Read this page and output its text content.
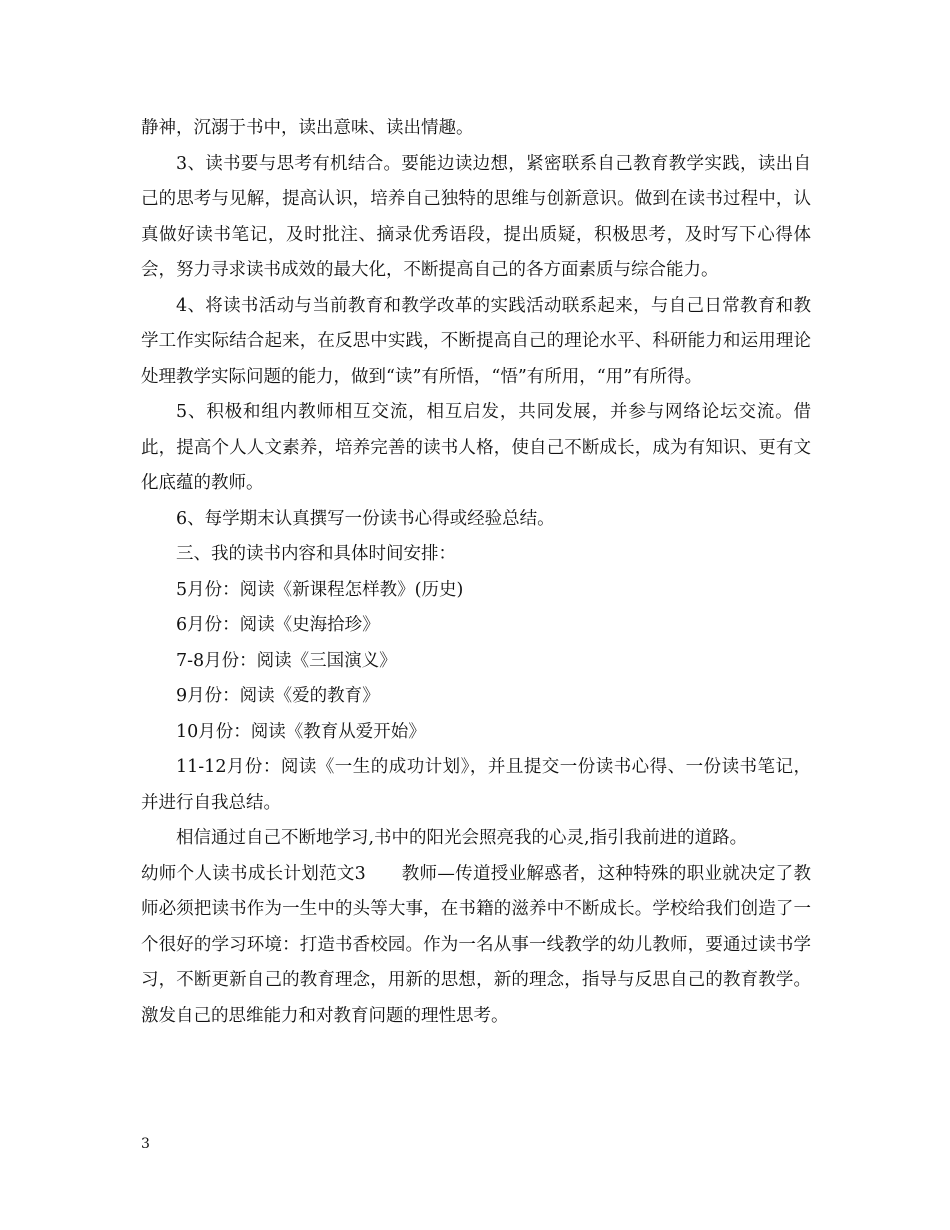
静神，沉溺于书中，读出意味、读出情趣。

3、读书要与思考有机结合。要能边读边想，紧密联系自己教育教学实践，读出自己的思考与见解，提高认识，培养自己独特的思维与创新意识。做到在读书过程中，认真做好读书笔记，及时批注、摘录优秀语段，提出质疑，积极思考，及时写下心得体会，努力寻求读书成效的最大化，不断提高自己的各方面素质与综合能力。

4、将读书活动与当前教育和教学改革的实践活动联系起来，与自己日常教育和教学工作实际结合起来，在反思中实践，不断提高自己的理论水平、科研能力和运用理论处理教学实际问题的能力，做到“读”有所悟，“悟”有所用，“用”有所得。

5、积极和组内教师相互交流，相互启发，共同发展，并参与网络论坛交流。借此，提高个人人文素养，培养完善的读书人格，使自己不断成长，成为有知识、更有文化底蕴的教师。

6、每学期末认真撰写一份读书心得或经验总结。

三、我的读书内容和具体时间安排：

5月份：阅读《新课程怎样教》(历史)

6月份：阅读《史海拾珍》

7-8月份：阅读《三国演义》

9月份：阅读《爱的教育》

10月份：阅读《教育从爱开始》

11-12月份：阅读《一生的成功计划》，并且提交一份读书心得、一份读书笔记，并进行自我总结。

相信通过自己不断地学习,书中的阳光会照亮我的心灵,指引我前进的道路。

幼师个人读书成长计划范文3　　教师—传道授业解惑者，这种特殊的职业就决定了教师必须把读书作为一生中的头等大事，在书籍的滋养中不断成长。学校给我们创造了一个很好的学习环境：打造书香校园。作为一名从事一线教学的幼儿教师，要通过读书学习，不断更新自己的教育理念，用新的思想，新的理念，指导与反思自己的教育教学。激发自己的思维能力和对教育问题的理性思考。

3
